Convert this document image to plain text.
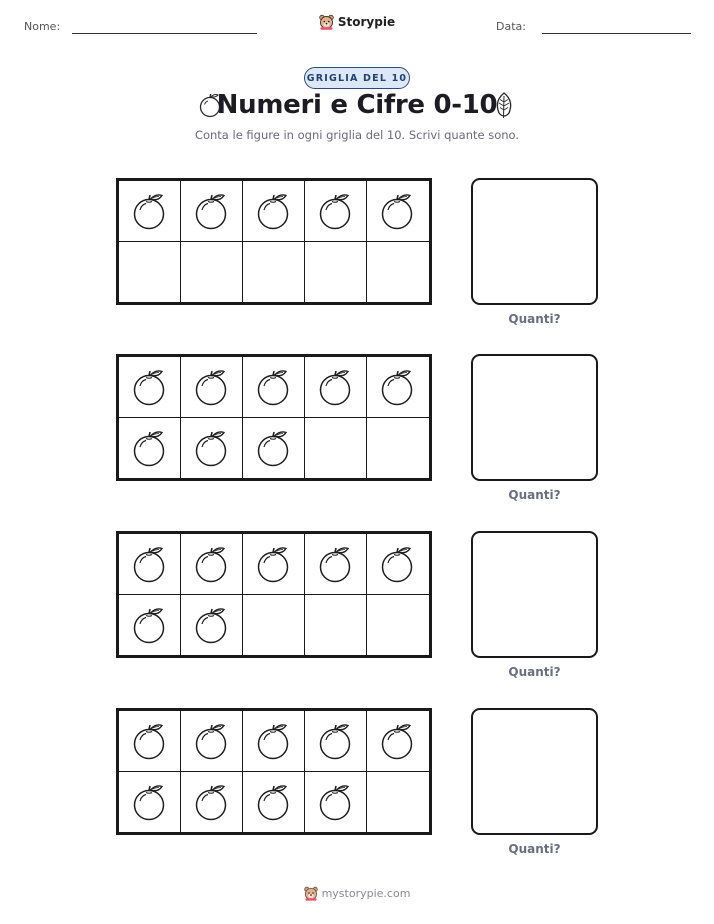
Nome:	Storypie	Data:
GRIGLIA DEL 10
Numeri e Cifre 0-10
Conta le figure in ogni griglia del 10. Scrivi quante sono.
Quanti?
Quanti?
Quanti?
Quanti?
mystorypie.com
